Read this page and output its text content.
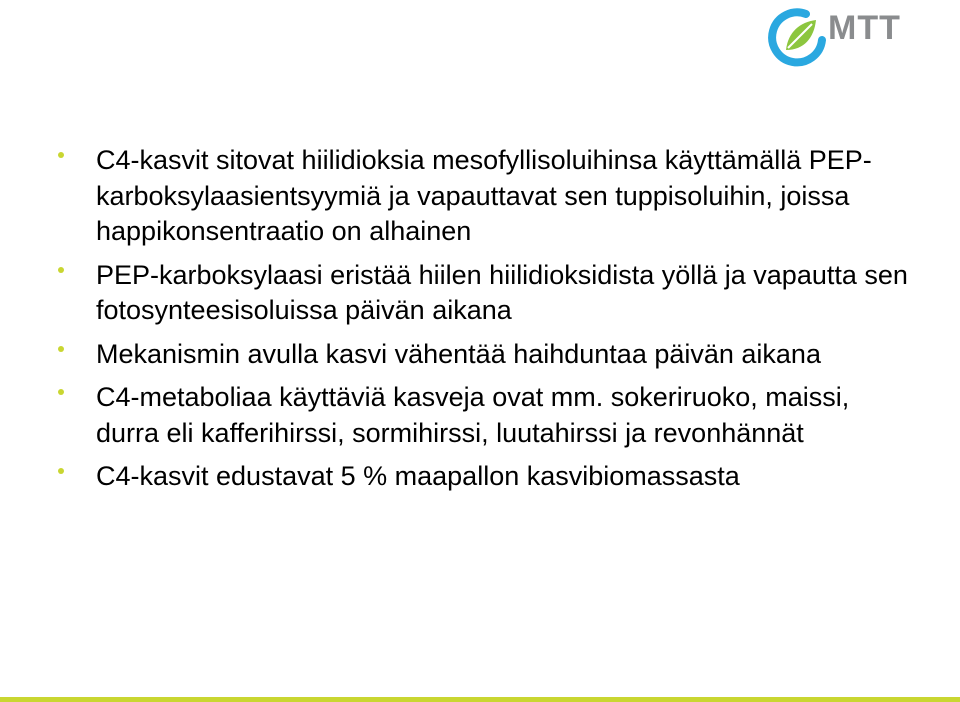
MTT
C4-kasvit sitovat hiilidioksia mesofyllisoluihinsa käyttämällä PEP-karboksylaasientsyymiä ja vapauttavat sen tuppisoluihin, joissa happikonsentraatio on alhainen
PEP-karboksylaasi eristää hiilen hiilidioksidista yöllä ja vapautta sen fotosynteesisoluissa päivän aikana
Mekanismin avulla kasvi vähentää haihduntaa päivän aikana
C4-metaboliaa käyttäviä kasveja ovat mm. sokeriruoko, maissi, durra eli kafferihirssi, sormihirssi, luutahirssi ja revonhännät
C4-kasvit edustavat 5 % maapallon kasvibiomassasta
